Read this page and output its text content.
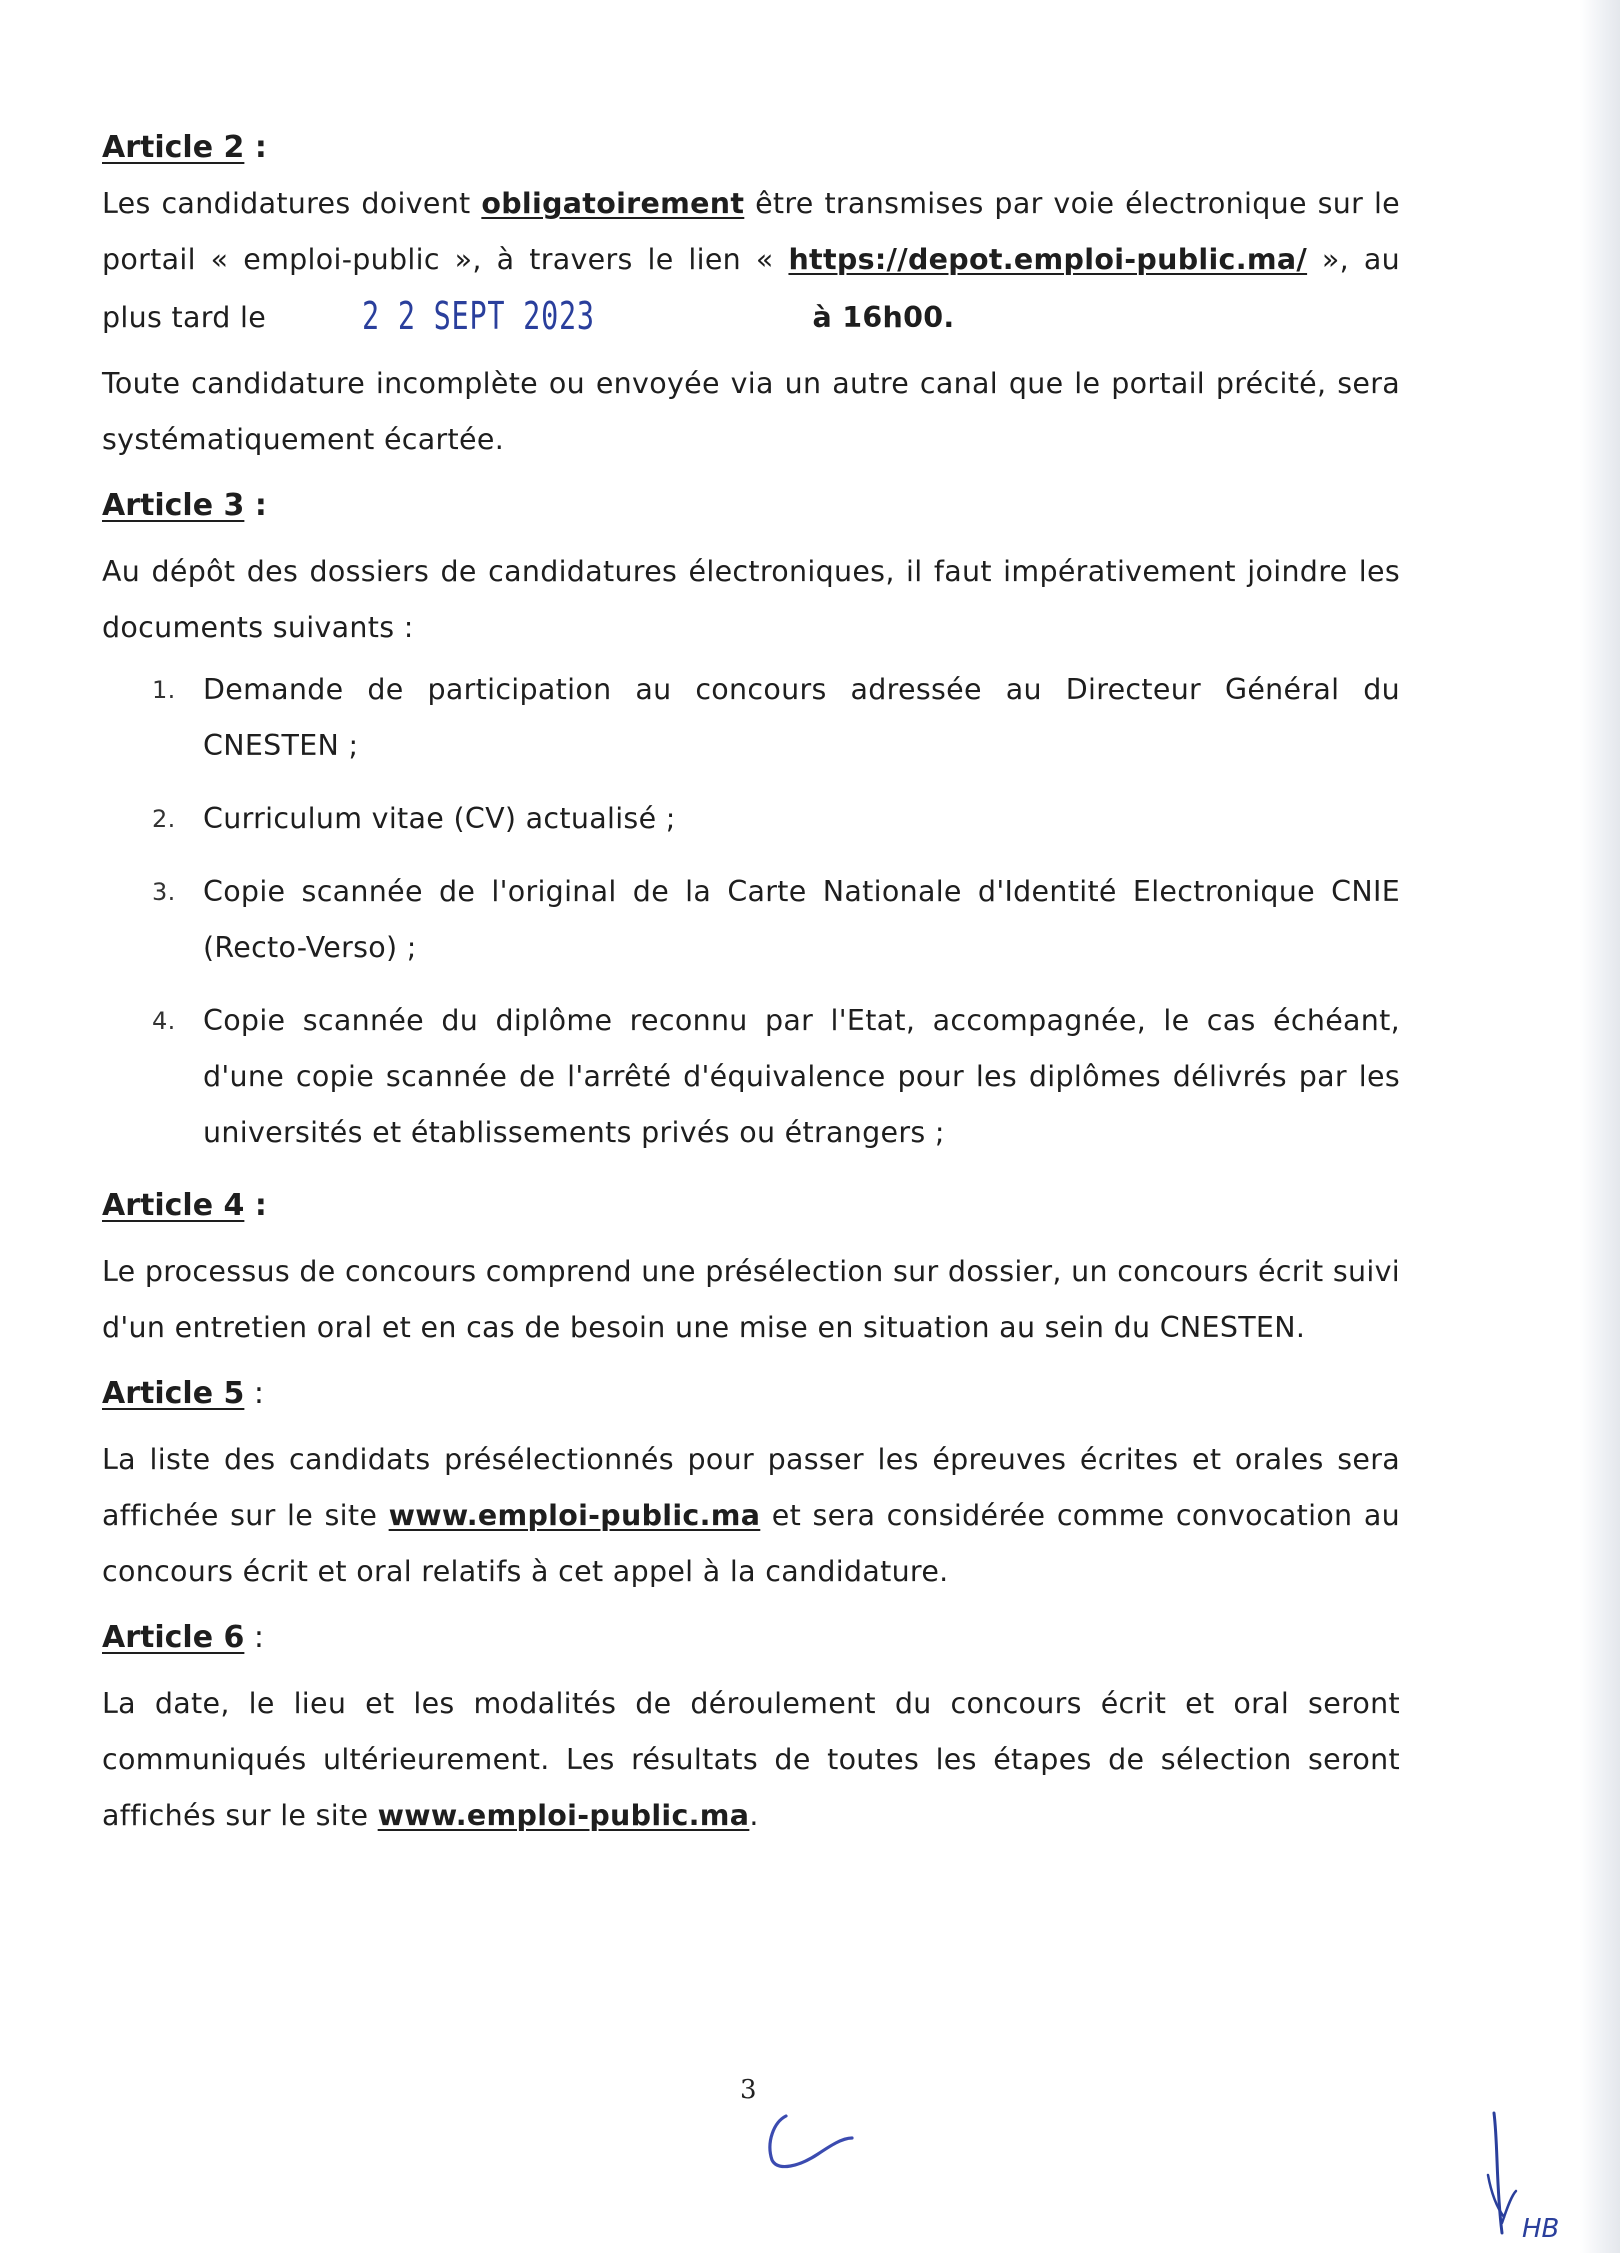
Article 2 :

Les candidatures doivent obligatoirement être transmises par voie électronique sur le portail « emploi-public », à travers le lien « https://depot.emploi-public.ma/ », au plus tard le	2 2 SEPT 2023	à 16h00.

Toute candidature incomplète ou envoyée via un autre canal que le portail précité, sera systématiquement écartée.

Article 3 :

Au dépôt des dossiers de candidatures électroniques, il faut impérativement joindre les documents suivants :

1. Demande de participation au concours adressée au Directeur Général du CNESTEN ;
2. Curriculum vitae (CV) actualisé ;
3. Copie scannée de l'original de la Carte Nationale d'Identité Electronique CNIE (Recto-Verso) ;
4. Copie scannée du diplôme reconnu par l'Etat, accompagnée, le cas échéant, d'une copie scannée de l'arrêté d'équivalence pour les diplômes délivrés par les universités et établissements privés ou étrangers ;
Article 4 :

Le processus de concours comprend une présélection sur dossier, un concours écrit suivi d'un entretien oral et en cas de besoin une mise en situation au sein du CNESTEN.

Article 5 :

La liste des candidats présélectionnés pour passer les épreuves écrites et orales sera affichée sur le site www.emploi-public.ma et sera considérée comme convocation au concours écrit et oral relatifs à cet appel à la candidature.

Article 6 :

La date, le lieu et les modalités de déroulement du concours écrit et oral seront communiqués ultérieurement. Les résultats de toutes les étapes de sélection seront affichés sur le site www.emploi-public.ma.

3
HB
